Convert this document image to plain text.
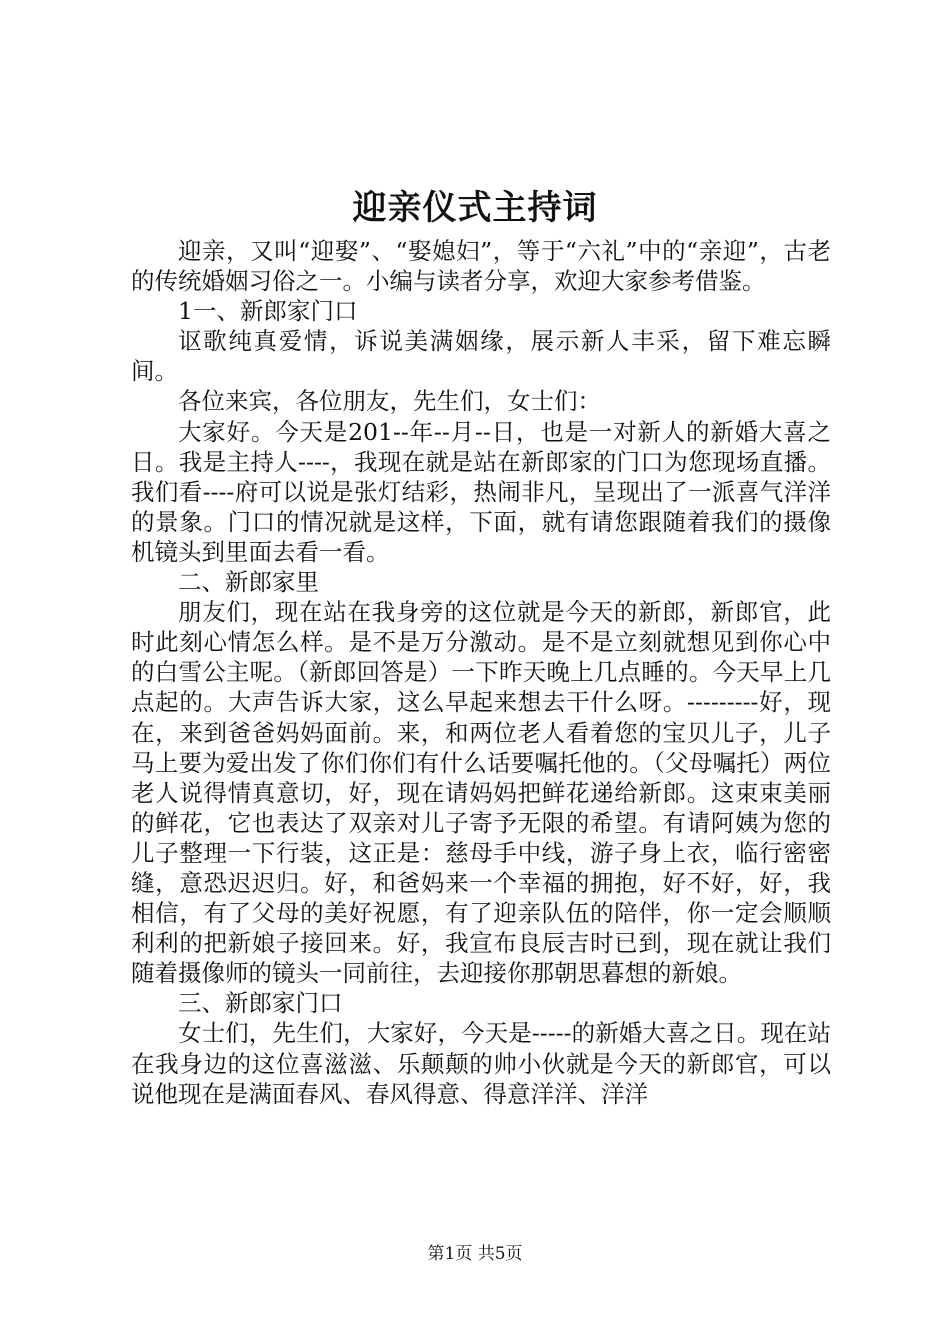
迎亲仪式主持词

迎亲，又叫“迎娶”、“娶媳妇”，等于“六礼”中的“亲迎”，古老的传统婚姻习俗之一。小编与读者分享，欢迎大家参考借鉴。

1一、新郎家门口

讴歌纯真爱情，诉说美满姻缘，展示新人丰采，留下难忘瞬间。

各位来宾，各位朋友，先生们，女士们：

大家好。今天是201--年--月--日，也是一对新人的新婚大喜之日。我是主持人----，我现在就是站在新郎家的门口为您现场直播。我们看----府可以说是张灯结彩，热闹非凡，呈现出了一派喜气洋洋的景象。门口的情况就是这样，下面，就有请您跟随着我们的摄像机镜头到里面去看一看。

二、新郎家里

朋友们，现在站在我身旁的这位就是今天的新郎，新郎官，此时此刻心情怎么样。是不是万分激动。是不是立刻就想见到你心中的白雪公主呢。（新郎回答是）一下昨天晚上几点睡的。今天早上几点起的。大声告诉大家，这么早起来想去干什么呀。---------好，现在，来到爸爸妈妈面前。来，和两位老人看着您的宝贝儿子，儿子马上要为爱出发了你们你们有什么话要嘱托他的。（父母嘱托）两位老人说得情真意切，好，现在请妈妈把鲜花递给新郎。这束束美丽的鲜花，它也表达了双亲对儿子寄予无限的希望。有请阿姨为您的儿子整理一下行装，这正是：慈母手中线，游子身上衣，临行密密缝，意恐迟迟归。好，和爸妈来一个幸福的拥抱，好不好，好，我相信，有了父母的美好祝愿，有了迎亲队伍的陪伴，你一定会顺顺利利的把新娘子接回来。好，我宣布良辰吉时已到，现在就让我们随着摄像师的镜头一同前往，去迎接你那朝思暮想的新娘。

三、新郎家门口

女士们，先生们，大家好，今天是-----的新婚大喜之日。现在站在我身边的这位喜滋滋、乐颠颠的帅小伙就是今天的新郎官，可以说他现在是满面春风、春风得意、得意洋洋、洋洋

第1页 共5页
